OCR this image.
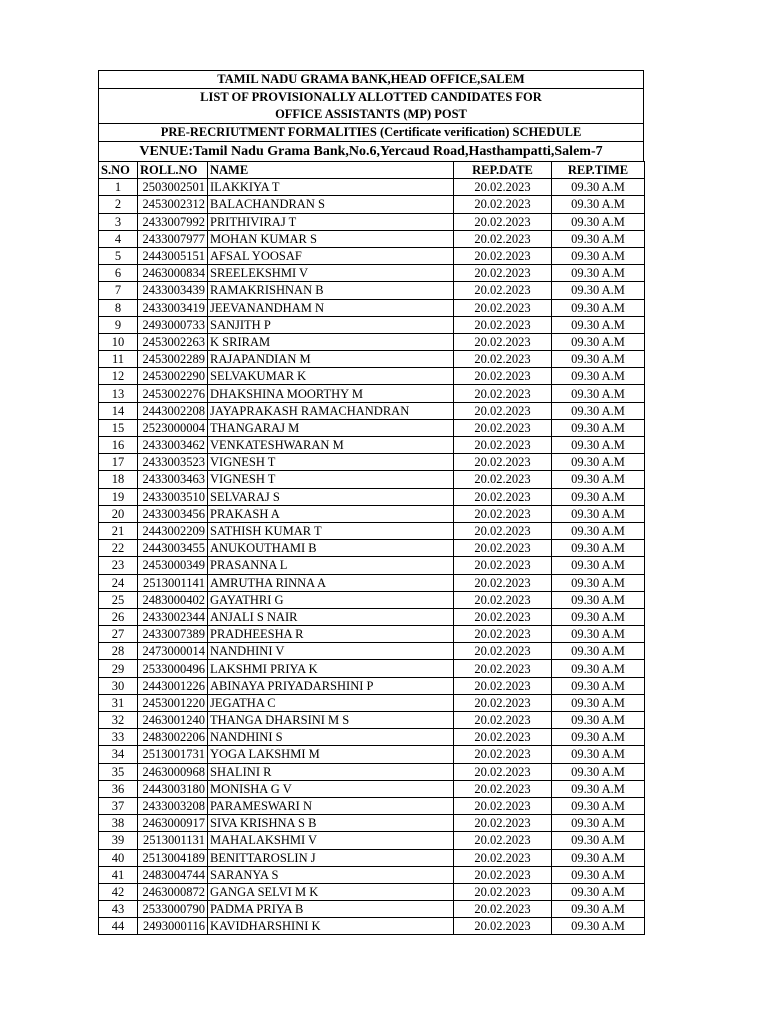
TAMIL NADU GRAMA BANK,HEAD OFFICE,SALEM
LIST OF PROVISIONALLY ALLOTTED CANDIDATES FOR
OFFICE ASSISTANTS (MP) POST
PRE-RECRIUTMENT FORMALITIES (Certificate verification) SCHEDULE
VENUE:Tamil Nadu Grama Bank,No.6,Yercaud Road,Hasthampatti,Salem-7
S.NO	ROLL.NO	NAME	REP.DATE	REP.TIME
1	2503002501	ILAKKIYA T	20.02.2023	09.30 A.M
2	2453002312	BALACHANDRAN S	20.02.2023	09.30 A.M
3	2433007992	PRITHIVIRAJ T	20.02.2023	09.30 A.M
4	2433007977	MOHAN KUMAR S	20.02.2023	09.30 A.M
5	2443005151	AFSAL YOOSAF	20.02.2023	09.30 A.M
6	2463000834	SREELEKSHMI V	20.02.2023	09.30 A.M
7	2433003439	RAMAKRISHNAN B	20.02.2023	09.30 A.M
8	2433003419	JEEVANANDHAM N	20.02.2023	09.30 A.M
9	2493000733	SANJITH P	20.02.2023	09.30 A.M
10	2453002263	K SRIRAM	20.02.2023	09.30 A.M
11	2453002289	RAJAPANDIAN M	20.02.2023	09.30 A.M
12	2453002290	SELVAKUMAR K	20.02.2023	09.30 A.M
13	2453002276	DHAKSHINA MOORTHY M	20.02.2023	09.30 A.M
14	2443002208	JAYAPRAKASH RAMACHANDRAN	20.02.2023	09.30 A.M
15	2523000004	THANGARAJ M	20.02.2023	09.30 A.M
16	2433003462	VENKATESHWARAN M	20.02.2023	09.30 A.M
17	2433003523	VIGNESH T	20.02.2023	09.30 A.M
18	2433003463	VIGNESH T	20.02.2023	09.30 A.M
19	2433003510	SELVARAJ S	20.02.2023	09.30 A.M
20	2433003456	PRAKASH A	20.02.2023	09.30 A.M
21	2443002209	SATHISH KUMAR T	20.02.2023	09.30 A.M
22	2443003455	ANUKOUTHAMI B	20.02.2023	09.30 A.M
23	2453000349	PRASANNA L	20.02.2023	09.30 A.M
24	2513001141	AMRUTHA RINNA A	20.02.2023	09.30 A.M
25	2483000402	GAYATHRI G	20.02.2023	09.30 A.M
26	2433002344	ANJALI S NAIR	20.02.2023	09.30 A.M
27	2433007389	PRADHEESHA R	20.02.2023	09.30 A.M
28	2473000014	NANDHINI V	20.02.2023	09.30 A.M
29	2533000496	LAKSHMI PRIYA K	20.02.2023	09.30 A.M
30	2443001226	ABINAYA PRIYADARSHINI P	20.02.2023	09.30 A.M
31	2453001220	JEGATHA C	20.02.2023	09.30 A.M
32	2463001240	THANGA DHARSINI M S	20.02.2023	09.30 A.M
33	2483002206	NANDHINI S	20.02.2023	09.30 A.M
34	2513001731	YOGA LAKSHMI M	20.02.2023	09.30 A.M
35	2463000968	SHALINI R	20.02.2023	09.30 A.M
36	2443003180	MONISHA G V	20.02.2023	09.30 A.M
37	2433003208	PARAMESWARI N	20.02.2023	09.30 A.M
38	2463000917	SIVA KRISHNA S B	20.02.2023	09.30 A.M
39	2513001131	MAHALAKSHMI V	20.02.2023	09.30 A.M
40	2513004189	BENITTAROSLIN J	20.02.2023	09.30 A.M
41	2483004744	SARANYA S	20.02.2023	09.30 A.M
42	2463000872	GANGA SELVI M K	20.02.2023	09.30 A.M
43	2533000790	PADMA PRIYA B	20.02.2023	09.30 A.M
44	2493000116	KAVIDHARSHINI K	20.02.2023	09.30 A.M
